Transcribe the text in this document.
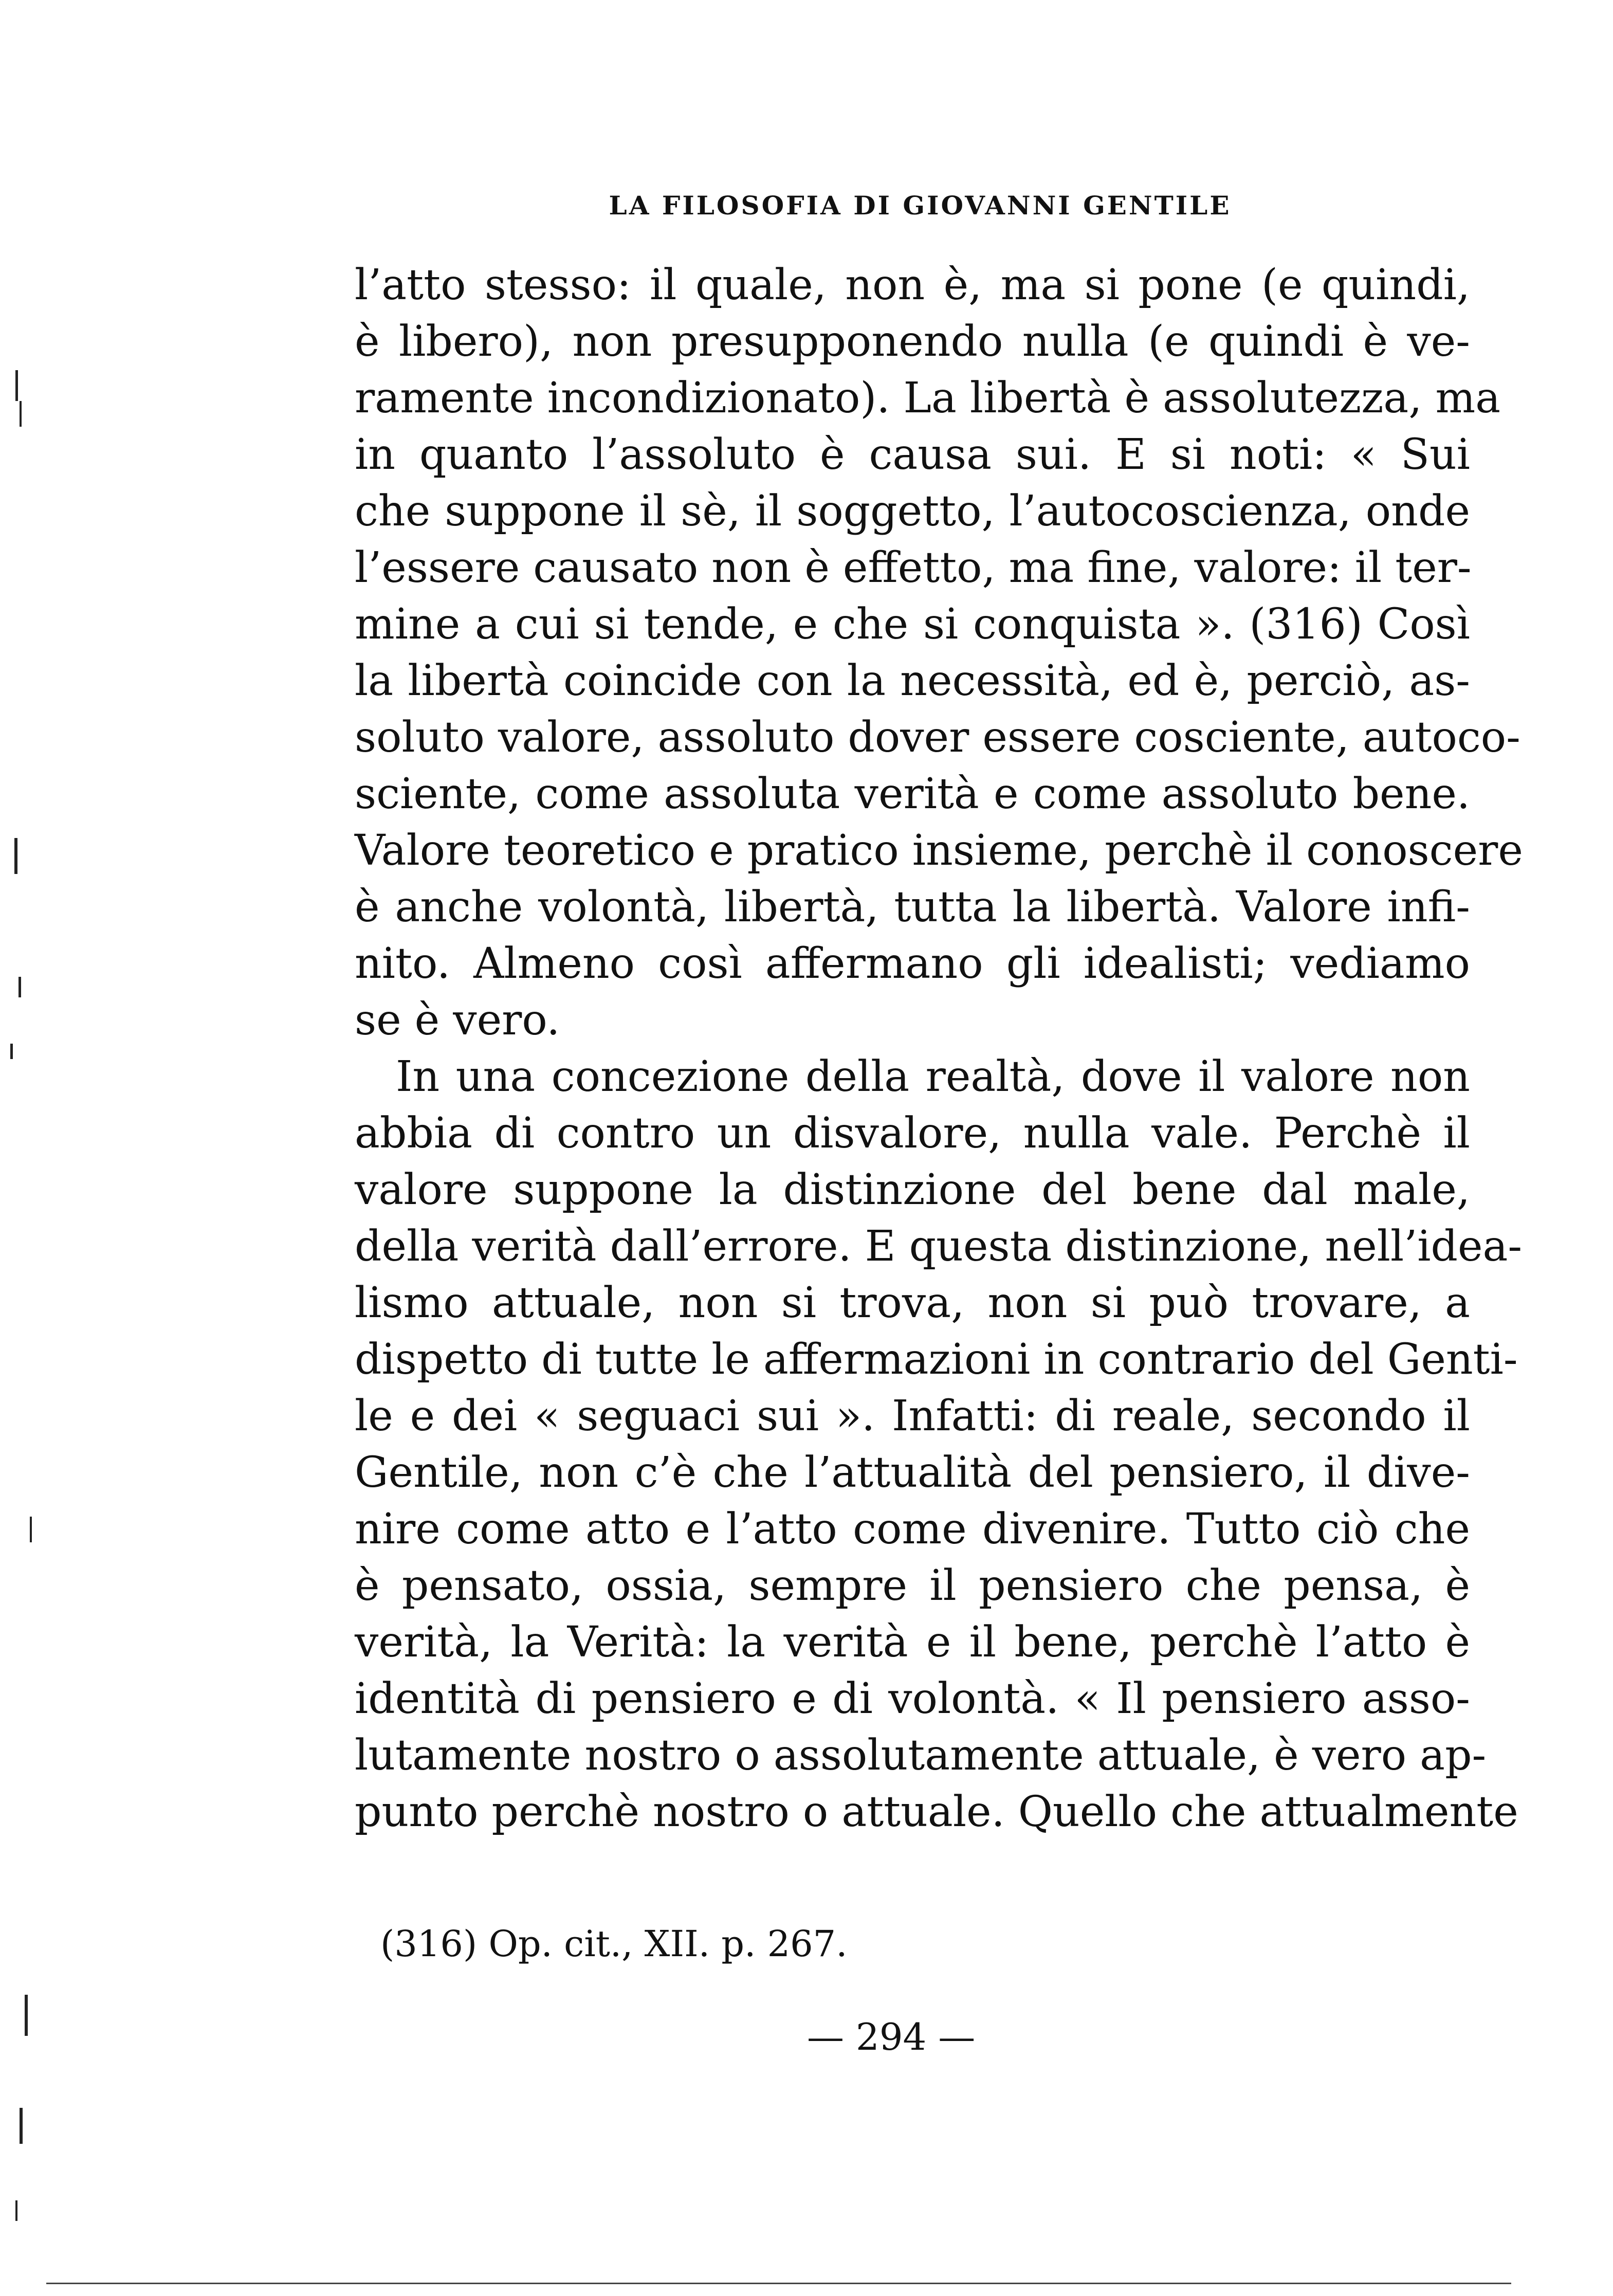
LA FILOSOFIA DI GIOVANNI GENTILE
l’atto stesso: il quale, non è, ma si pone (e quindi,
è libero), non presupponendo nulla (e quindi è ve-
ramente incondizionato). La libertà è assolutezza, ma
in quanto l’assoluto è causa sui. E si noti: « Sui
che suppone il sè, il soggetto, l’autocoscienza, onde
l’essere causato non è effetto, ma fine, valore: il ter-
mine a cui si tende, e che si conquista ». (316) Così
la libertà coincide con la necessità, ed è, perciò, as-
soluto valore, assoluto dover essere cosciente, autoco-
sciente, come assoluta verità e come assoluto bene.
Valore teoretico e pratico insieme, perchè il conoscere
è anche volontà, libertà, tutta la libertà. Valore infi-
nito. Almeno così affermano gli idealisti; vediamo
se è vero.
In una concezione della realtà, dove il valore non
abbia di contro un disvalore, nulla vale. Perchè il
valore suppone la distinzione del bene dal male,
della verità dall’errore. E questa distinzione, nell’idea-
lismo attuale, non si trova, non si può trovare, a
dispetto di tutte le affermazioni in contrario del Genti-
le e dei « seguaci sui ». Infatti: di reale, secondo il
Gentile, non c’è che l’attualità del pensiero, il dive-
nire come atto e l’atto come divenire. Tutto ciò che
è pensato, ossia, sempre il pensiero che pensa, è
verità, la Verità: la verità e il bene, perchè l’atto è
identità di pensiero e di volontà. « Il pensiero asso-
lutamente nostro o assolutamente attuale, è vero ap-
punto perchè nostro o attuale. Quello che attualmente
(316) Op. cit., XII. p. 267.
— 294 —
